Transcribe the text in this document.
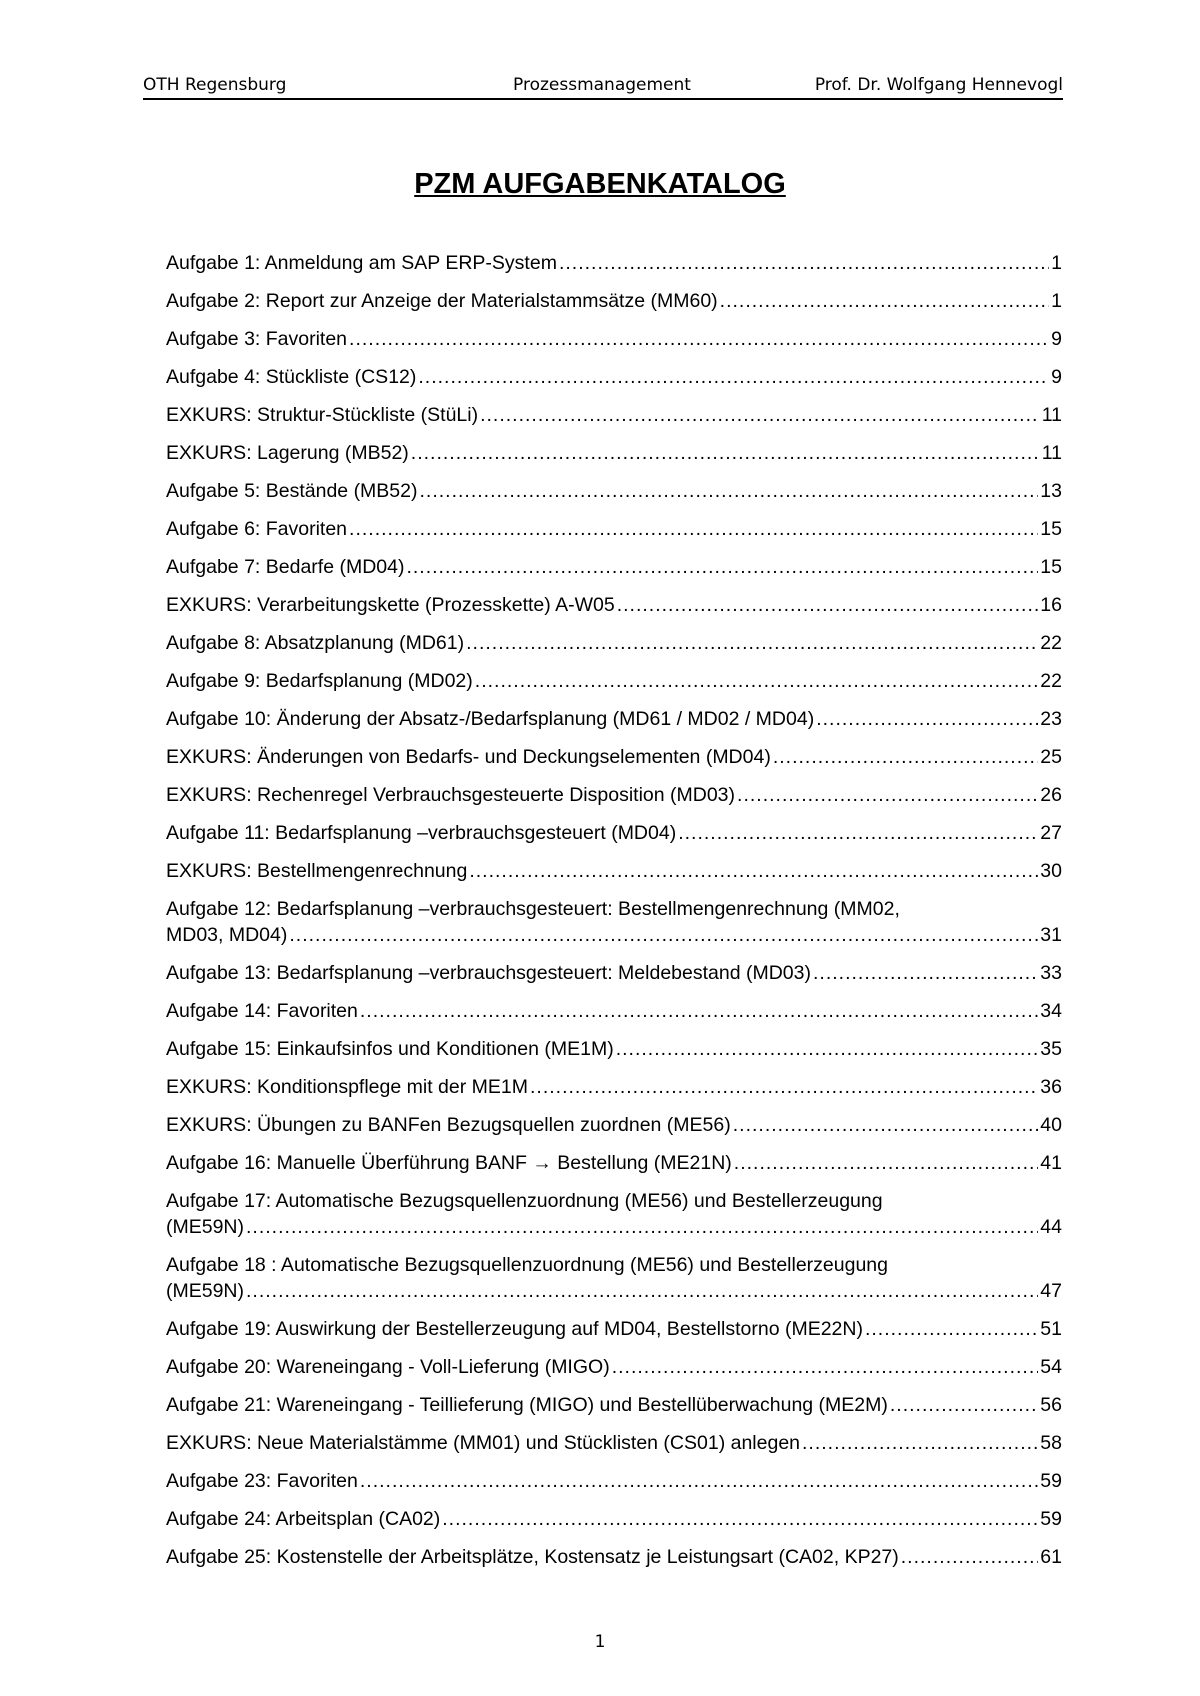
OTH Regensburg	Prozessmanagement	Prof. Dr. Wolfgang Hennevogl
PZM AUFGABENKATALOG
Aufgabe 1: Anmeldung am SAP ERP-System .....	1
Aufgabe 2: Report zur Anzeige der Materialstammsätze (MM60) .....	1
Aufgabe 3: Favoriten .....	9
Aufgabe 4: Stückliste (CS12) .....	9
EXKURS: Struktur-Stückliste (StüLi) .....	11
EXKURS: Lagerung (MB52) .....	11
Aufgabe 5: Bestände (MB52) .....	13
Aufgabe 6: Favoriten .....	15
Aufgabe 7: Bedarfe (MD04) .....	15
EXKURS: Verarbeitungskette (Prozesskette) A-W05 .....	16
Aufgabe 8: Absatzplanung (MD61) .....	22
Aufgabe 9: Bedarfsplanung (MD02) .....	22
Aufgabe 10: Änderung der Absatz-/Bedarfsplanung (MD61 / MD02 / MD04) .....	23
EXKURS: Änderungen von Bedarfs- und Deckungselementen (MD04) .....	25
EXKURS: Rechenregel Verbrauchsgesteuerte Disposition (MD03) .....	26
Aufgabe 11: Bedarfsplanung –verbrauchsgesteuert (MD04) .....	27
EXKURS: Bestellmengenrechnung .....	30
Aufgabe 12: Bedarfsplanung –verbrauchsgesteuert: Bestellmengenrechnung (MM02,
MD03, MD04) .....	31
Aufgabe 13: Bedarfsplanung –verbrauchsgesteuert: Meldebestand (MD03) .....	33
Aufgabe 14: Favoriten .....	34
Aufgabe 15: Einkaufsinfos und Konditionen (ME1M) .....	35
EXKURS: Konditionspflege mit der ME1M .....	36
EXKURS: Übungen zu BANFen Bezugsquellen zuordnen (ME56) .....	40
Aufgabe 16: Manuelle Überführung BANF → Bestellung (ME21N) .....	41
Aufgabe 17: Automatische Bezugsquellenzuordnung (ME56) und Bestellerzeugung
(ME59N) .....	44
Aufgabe 18 : Automatische Bezugsquellenzuordnung (ME56) und Bestellerzeugung
(ME59N) .....	47
Aufgabe 19: Auswirkung der Bestellerzeugung auf MD04, Bestellstorno (ME22N) .....	51
Aufgabe 20: Wareneingang - Voll-Lieferung (MIGO) .....	54
Aufgabe 21: Wareneingang - Teillieferung (MIGO) und Bestellüberwachung (ME2M) .....	56
EXKURS: Neue Materialstämme (MM01) und Stücklisten (CS01) anlegen .....	58
Aufgabe 23: Favoriten .....	59
Aufgabe 24: Arbeitsplan (CA02) .....	59
Aufgabe 25: Kostenstelle der Arbeitsplätze, Kostensatz je Leistungsart (CA02, KP27) .....	61
1
